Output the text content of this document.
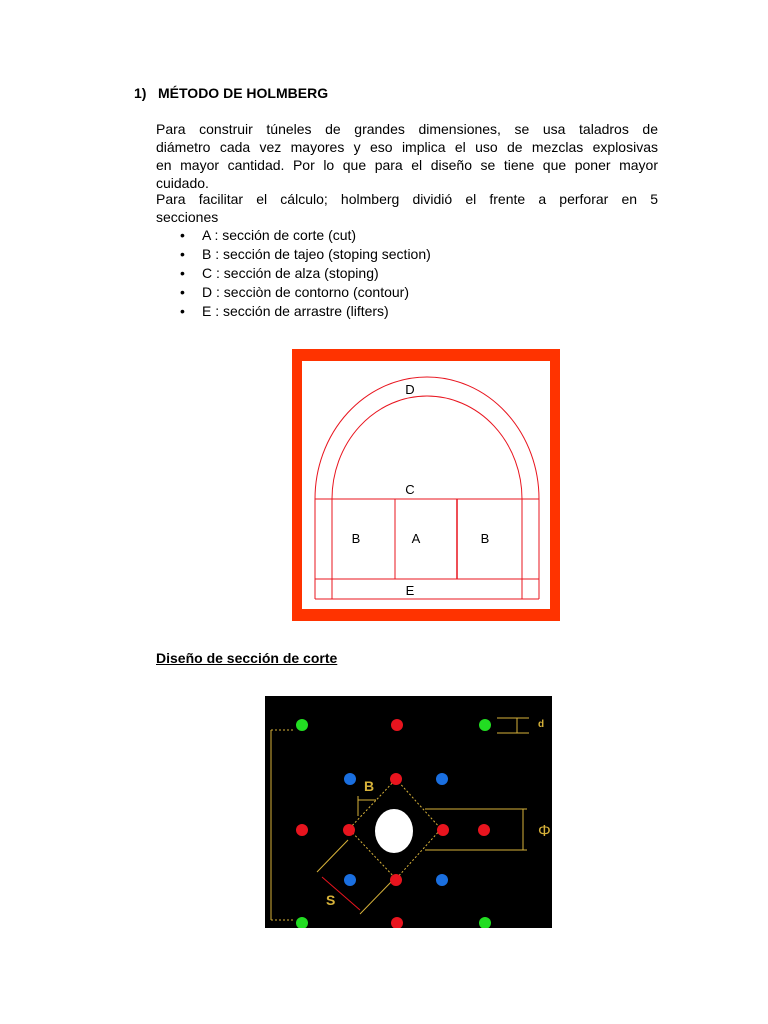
1) MÉTODO DE HOLMBERG
Para construir túneles de grandes dimensiones, se usa taladros de
diámetro cada vez mayores y eso implica el uso de mezclas explosivas
en mayor cantidad. Por lo que para el diseño se tiene que poner mayor
cuidado.
Para facilitar el cálculo; holmberg dividió el frente a perforar en 5
secciones
• A : sección de corte (cut)
• B : sección de tajeo (stoping section)
• C : sección de alza (stoping)
• D : secciòn de contorno (contour)
• E : sección de arrastre (lifters)
D
C
B	A	B
E
Diseño de sección de corte
d
B
Φ
S
